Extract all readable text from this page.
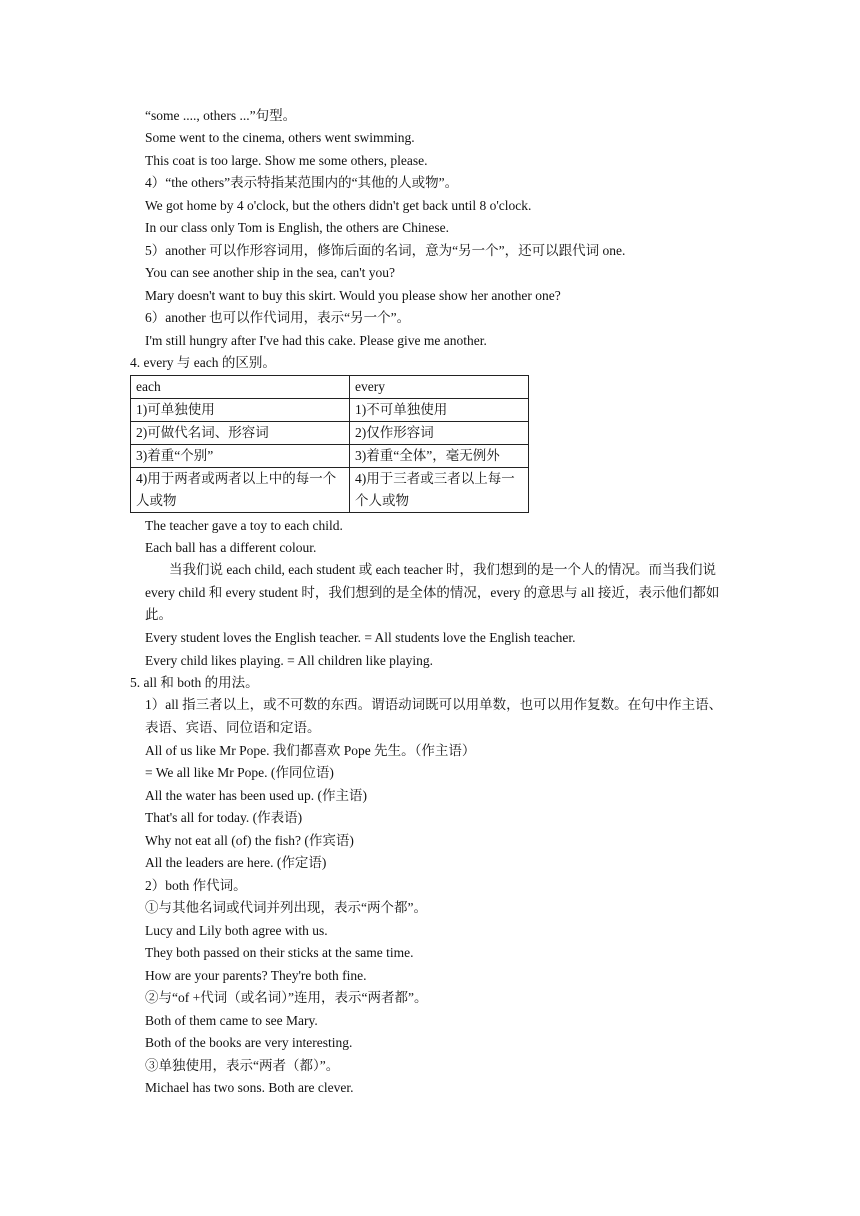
“some ...., others ...”句型。
Some went to the cinema, others went swimming.
This coat is too large. Show me some others, please.
4）“the others”表示特指某范围内的“其他的人或物”。
We got home by 4 o'clock, but the others didn't get back until 8 o'clock.
In our class only Tom is English, the others are Chinese.
5）another 可以作形容词用，修饰后面的名词，意为“另一个”，还可以跟代词 one.
You can see another ship in the sea, can't you?
Mary doesn't want to buy this skirt. Would you please show her another one?
6）another 也可以作代词用，表示“另一个”。
I'm still hungry after I've had this cake. Please give me another.
4. every 与 each 的区别。
each	every
1)可单独使用	1)不可单独使用
2)可做代名词、形容词	2)仅作形容词
3)着重“个别”	3)着重“全体”，毫无例外
4)用于两者或两者以上中的每一个人或物	4)用于三者或三者以上每一个人或物
The teacher gave a toy to each child.
Each ball has a different colour.
当我们说 each child, each student 或 each teacher 时，我们想到的是一个人的情况。而当我们说 every child 和 every student 时，我们想到的是全体的情况，every 的意思与 all 接近，表示他们都如此。
Every student loves the English teacher. = All students love the English teacher.
Every child likes playing. = All children like playing.
5. all 和 both 的用法。
1）all 指三者以上，或不可数的东西。谓语动词既可以用单数，也可以用作复数。在句中作主语、表语、宾语、同位语和定语。
All of us like Mr Pope. 我们都喜欢 Pope 先生。（作主语）
= We all like Mr Pope. (作同位语)
All the water has been used up. (作主语)
That's all for today. (作表语)
Why not eat all (of) the fish? (作宾语)
All the leaders are here. (作定语)
2）both 作代词。
①与其他名词或代词并列出现，表示“两个都”。
Lucy and Lily both agree with us.
They both passed on their sticks at the same time.
How are your parents? They're both fine.
②与“of +代词（或名词）”连用，表示“两者都”。
Both of them came to see Mary.
Both of the books are very interesting.
③单独使用，表示“两者（都）”。
Michael has two sons. Both are clever.
